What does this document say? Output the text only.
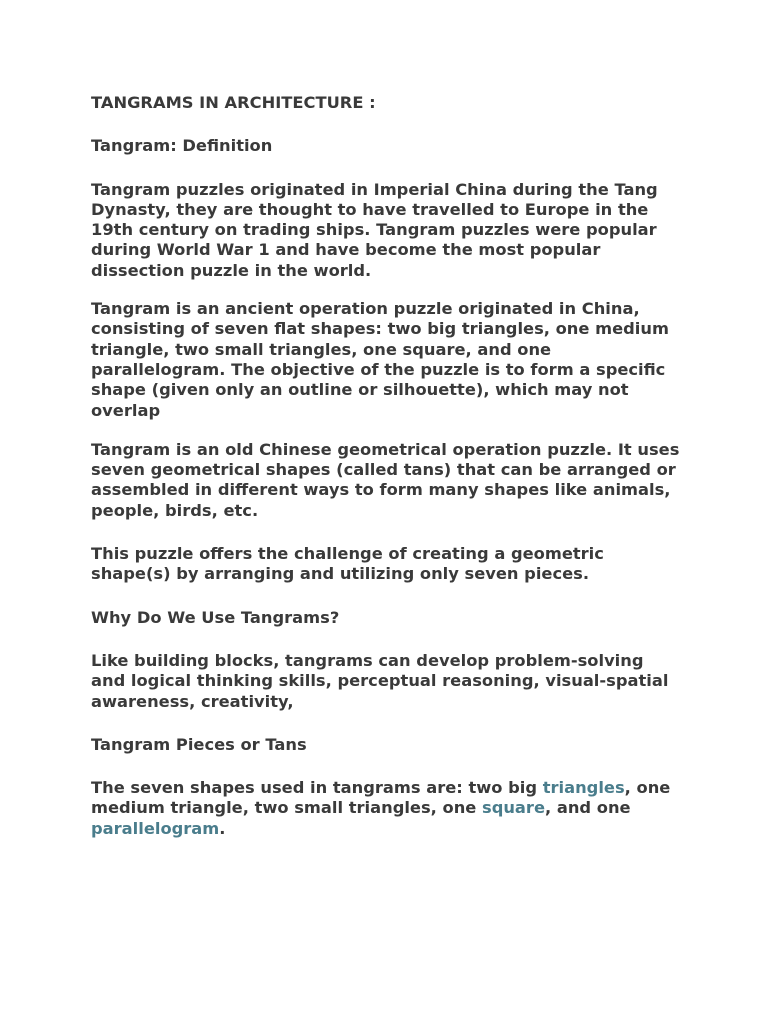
TANGRAMS IN ARCHITECTURE :

Tangram: Definition

Tangram puzzles originated in Imperial China during the Tang Dynasty, they are thought to have travelled to Europe in the 19th century on trading ships. Tangram puzzles were popular during World War 1 and have become the most popular dissection puzzle in the world.

Tangram is an ancient operation puzzle originated in China, consisting of seven flat shapes: two big triangles, one medium triangle, two small triangles, one square, and one parallelogram. The objective of the puzzle is to form a specific shape (given only an outline or silhouette), which may not overlap

Tangram is an old Chinese geometrical operation puzzle. It uses seven geometrical shapes (called tans) that can be arranged or assembled in different ways to form many shapes like animals, people, birds, etc.

This puzzle offers the challenge of creating a geometric shape(s) by arranging and utilizing only seven pieces.

Why Do We Use Tangrams?

Like building blocks, tangrams can develop problem-solving and logical thinking skills, perceptual reasoning, visual-spatial awareness, creativity,

Tangram Pieces or Tans

The seven shapes used in tangrams are: two big triangles, one medium triangle, two small triangles, one square, and one parallelogram.
